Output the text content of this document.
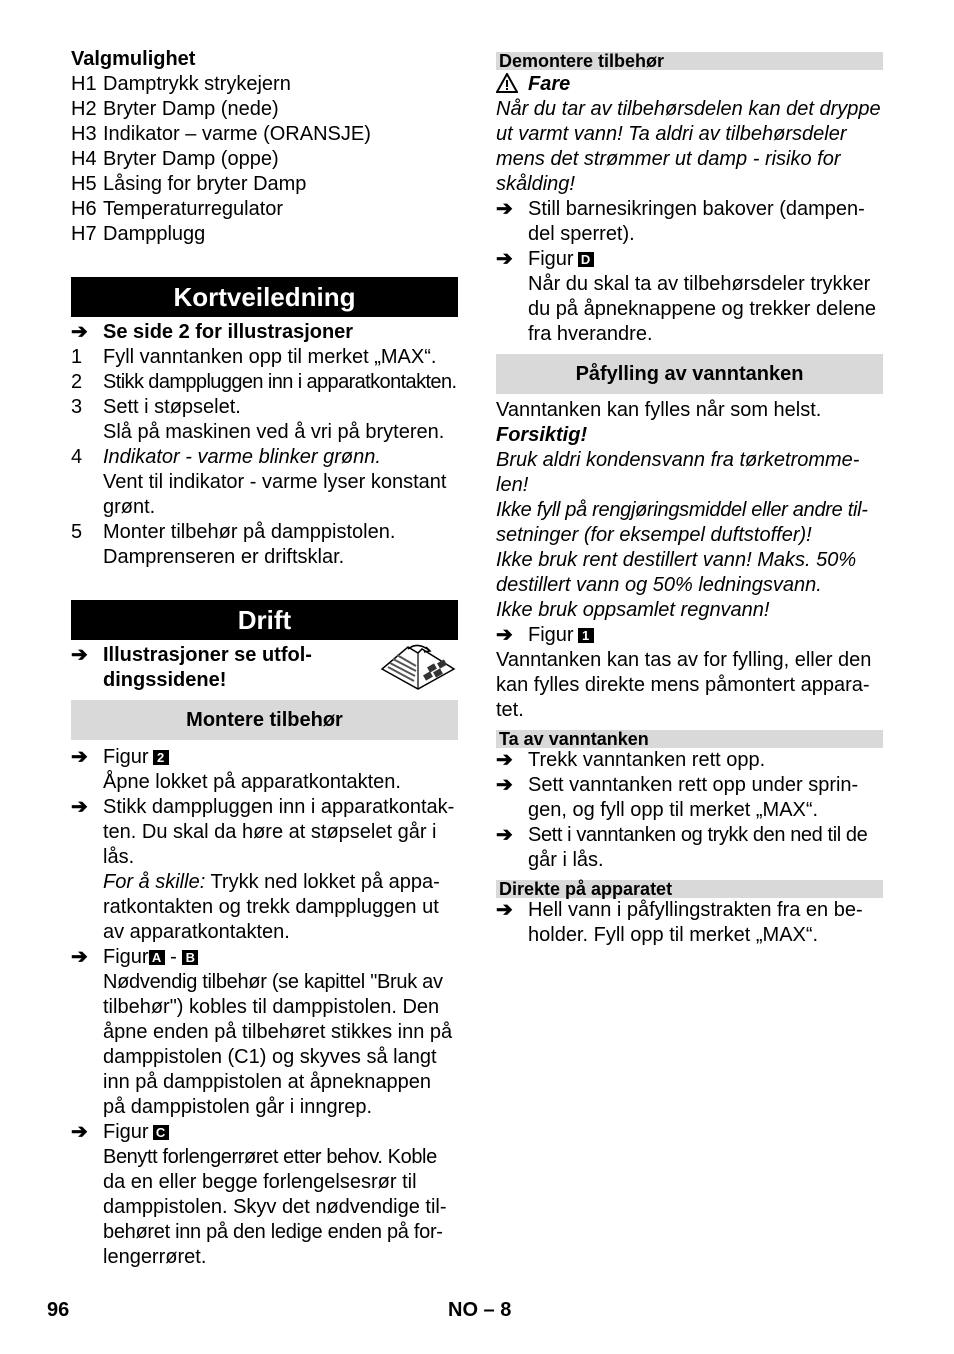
Valgmulighet
H1 Damptrykk strykejern
H2 Bryter Damp (nede)
H3 Indikator – varme (ORANSJE)
H4 Bryter Damp (oppe)
H5 Låsing for bryter Damp
H6 Temperaturregulator
H7 Dampplugg
Kortveiledning
➔ Se side 2 for illustrasjoner
1 Fyll vanntanken opp til merket „MAX“.
2 Stikk damppluggen inn i apparatkontakten.
3 Sett i støpselet.
Slå på maskinen ved å vri på bryteren.
4 Indikator - varme blinker grønn.
Vent til indikator - varme lyser konstant
grønt.
5 Monter tilbehør på damppistolen.
Damprenseren er driftsklar.
Drift
➔ Illustrasjoner se utfol-
dingssidene!
Montere tilbehør
➔ Figur 2
Åpne lokket på apparatkontakten.
➔ Stikk damppluggen inn i apparatkontak-
ten. Du skal da høre at støpselet går i
lås.
For å skille: Trykk ned lokket på appa-
ratkontakten og trekk damppluggen ut
av apparatkontakten.
➔ Figur A - B
Nødvendig tilbehør (se kapittel "Bruk av
tilbehør") kobles til damppistolen. Den
åpne enden på tilbehøret stikkes inn på
damppistolen (C1) og skyves så langt
inn på damppistolen at åpneknappen
på damppistolen går i inngrep.
➔ Figur C
Benytt forlengerrøret etter behov. Koble
da en eller begge forlengelsesrør til
damppistolen. Skyv det nødvendige til-
behøret inn på den ledige enden på for-
lengerrøret.
Demontere tilbehør
Fare
Når du tar av tilbehørsdelen kan det dryppe
ut varmt vann! Ta aldri av tilbehørsdeler
mens det strømmer ut damp - risiko for
skålding!
➔ Still barnesikringen bakover (dampen-
del sperret).
➔ Figur D
Når du skal ta av tilbehørsdeler trykker
du på åpneknappene og trekker delene
fra hverandre.
Påfylling av vanntanken
Vanntanken kan fylles når som helst.
Forsiktig!
Bruk aldri kondensvann fra tørketromme-
len!
Ikke fyll på rengjøringsmiddel eller andre til-
setninger (for eksempel duftstoffer)!
Ikke bruk rent destillert vann! Maks. 50%
destillert vann og 50% ledningsvann.
Ikke bruk oppsamlet regnvann!
➔ Figur 1
Vanntanken kan tas av for fylling, eller den
kan fylles direkte mens påmontert appara-
tet.
Ta av vanntanken
➔ Trekk vanntanken rett opp.
➔ Sett vanntanken rett opp under sprin-
gen, og fyll opp til merket „MAX“.
➔ Sett i vanntanken og trykk den ned til de
går i lås.
Direkte på apparatet
➔ Hell vann i påfyllingstrakten fra en be-
holder. Fyll opp til merket „MAX“.
96	NO – 8
